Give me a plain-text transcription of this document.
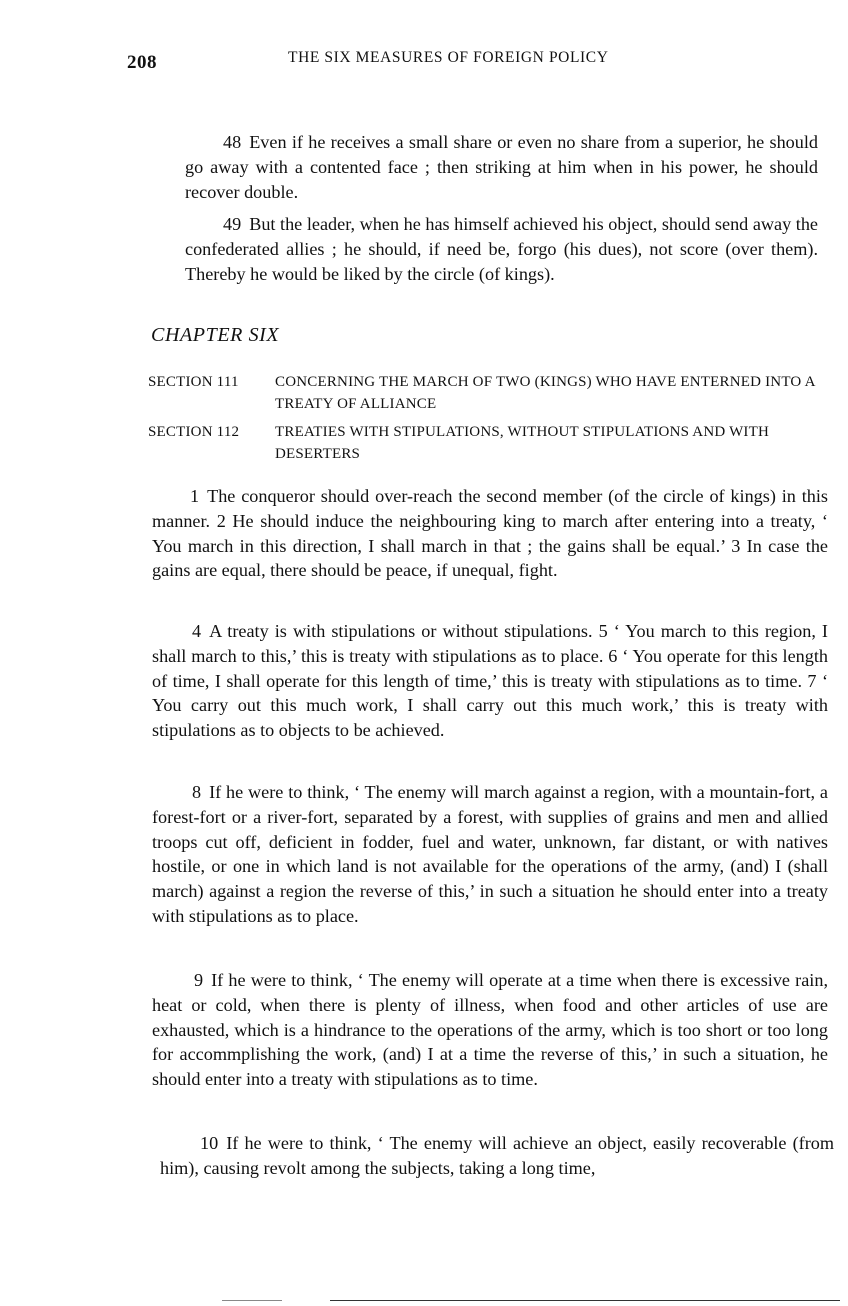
208	THE SIX MEASURES OF FOREIGN POLICY

48 Even if he receives a small share or even no share from a superior, he should go away with a contented face ; then striking at him when in his power, he should recover double.

49 But the leader, when he has himself achieved his object, should send away the confederated allies ; he should, if need be, forgo (his dues), not score (over them). Thereby he would be liked by the circle (of kings).

CHAPTER SIX
SECTION 111	CONCERNING THE MARCH OF TWO (KINGS) WHO HAVE ENTERNED INTO A TREATY OF ALLIANCE
SECTION 112	TREATIES WITH STIPULATIONS, WITHOUT STIPULATIONS AND WITH DESERTERS

1 The conqueror should over-reach the second member (of the circle of kings) in this manner. 2 He should induce the neighbouring king to march after entering into a treaty, ‘ You march in this direction, I shall march in that ; the gains shall be equal.’ 3 In case the gains are equal, there should be peace, if unequal, fight.

4 A treaty is with stipulations or without stipulations. 5 ‘ You march to this region, I shall march to this,’ this is treaty with stipulations as to place. 6 ‘ You operate for this length of time, I shall operate for this length of time,’ this is treaty with stipulations as to time. 7 ‘ You carry out this much work, I shall carry out this much work,’ this is treaty with stipulations as to objects to be achieved.

8 If he were to think, ‘ The enemy will march against a region, with a mountain-fort, a forest-fort or a river-fort, separated by a forest, with supplies of grains and men and allied troops cut off, deficient in fodder, fuel and water, unknown, far distant, or with natives hostile, or one in which land is not available for the operations of the army, (and) I (shall march) against a region the reverse of this,’ in such a situation he should enter into a treaty with stipulations as to place.

9 If he were to think, ‘ The enemy will operate at a time when there is excessive rain, heat or cold, when there is plenty of illness, when food and other articles of use are exhausted, which is a hindrance to the operations of the army, which is too short or too long for accommplishing the work, (and) I at a time the reverse of this,’ in such a situation, he should enter into a treaty with stipulations as to time.

10 If he were to think, ‘ The enemy will achieve an object, easily recoverable (from him), causing revolt among the subjects, taking a long time,
